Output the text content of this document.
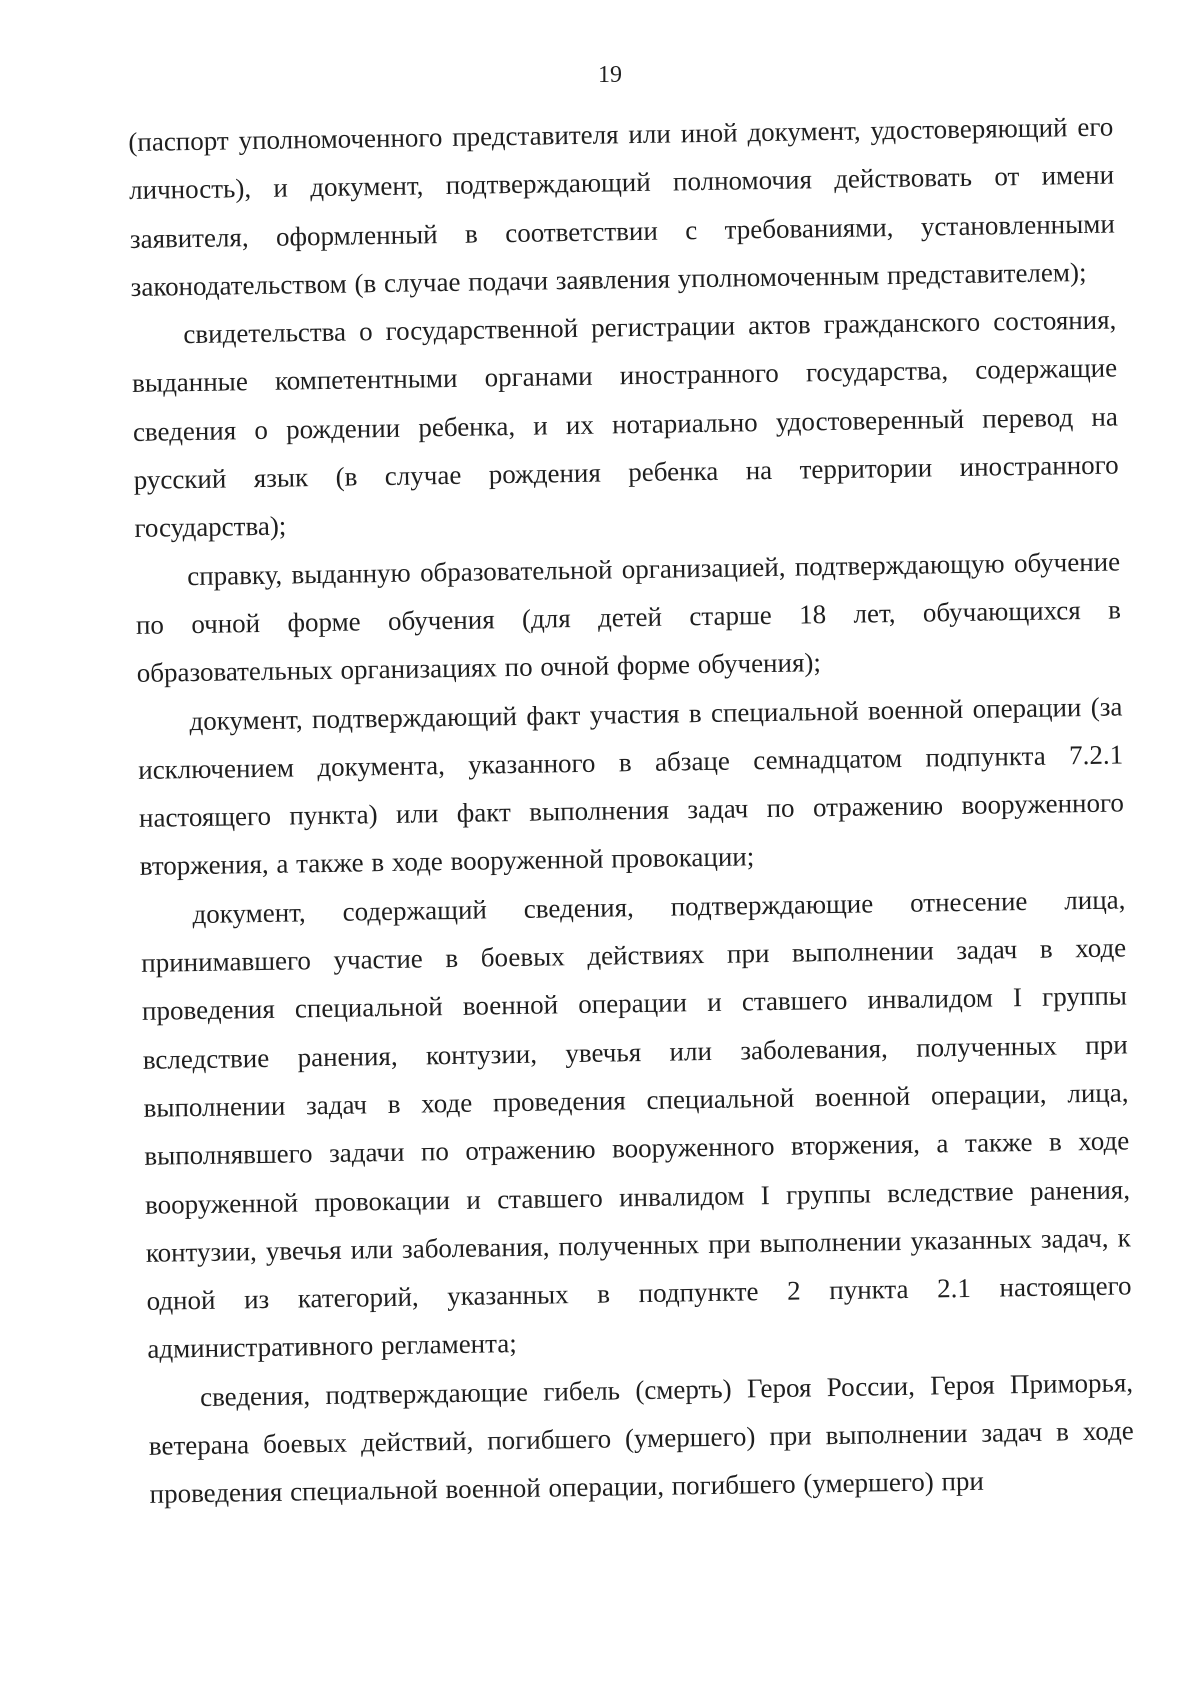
19

(паспорт уполномоченного представителя или иной документ, удостоверяющий его личность), и документ, подтверждающий полномочия действовать от имени заявителя, оформленный в соответствии с требованиями, установленными законодательством (в случае подачи заявления уполномоченным представителем);

свидетельства о государственной регистрации актов гражданского состояния, выданные компетентными органами иностранного государства, содержащие сведения о рождении ребенка, и их нотариально удостоверенный перевод на русский язык (в случае рождения ребенка на территории иностранного государства);

справку, выданную образовательной организацией, подтверждающую обучение по очной форме обучения (для детей старше 18 лет, обучающихся в образовательных организациях по очной форме обучения);

документ, подтверждающий факт участия в специальной военной операции (за исключением документа, указанного в абзаце семнадцатом подпункта 7.2.1 настоящего пункта) или факт выполнения задач по отражению вооруженного вторжения, а также в ходе вооруженной провокации;

документ, содержащий сведения, подтверждающие отнесение лица, принимавшего участие в боевых действиях при выполнении задач в ходе проведения специальной военной операции и ставшего инвалидом I группы вследствие ранения, контузии, увечья или заболевания, полученных при выполнении задач в ходе проведения специальной военной операции, лица, выполнявшего задачи по отражению вооруженного вторжения, а также в ходе вооруженной провокации и ставшего инвалидом I группы вследствие ранения, контузии, увечья или заболевания, полученных при выполнении указанных задач, к одной из категорий, указанных в подпункте 2 пункта 2.1 настоящего административного регламента;

сведения, подтверждающие гибель (смерть) Героя России, Героя Приморья, ветерана боевых действий, погибшего (умершего) при выполнении задач в ходе проведения специальной военной операции, погибшего (умершего) при
